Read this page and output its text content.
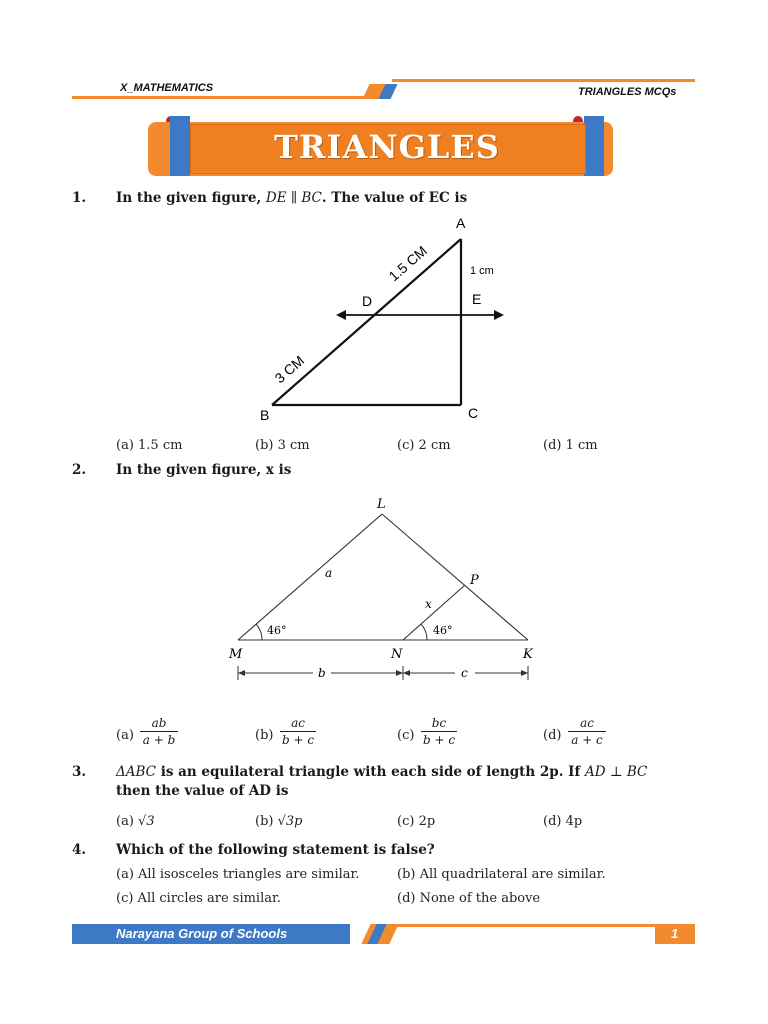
X_MATHEMATICS	TRIANGLES MCQs
TRIANGLES
1. In the given figure, DE ∥ BC. The value of EC is
A
B	C
D	E
1 cm
1.5 CM
3 CM
(a) 1.5 cm	(b) 3 cm	(c) 2 cm	(d) 1 cm
2. In the given figure, x is
L
M	N	K
P
a
x
46°	46°
b	c
(a)
ab
a + b	(b)
ac
b + c	(c)
bc
b + c	(d)
ac
a + c
3. ΔABC is an equilateral triangle with each side of length 2p. If AD ⊥ BC
then the value of AD is
(a) √3	(b) √3p	(c) 2p	(d) 4p
4. Which of the following statement is false?
(a) All isosceles triangles are similar.	(b) All quadrilateral are similar.
(c) All circles are similar.	(d) None of the above
Narayana Group of Schools	1
